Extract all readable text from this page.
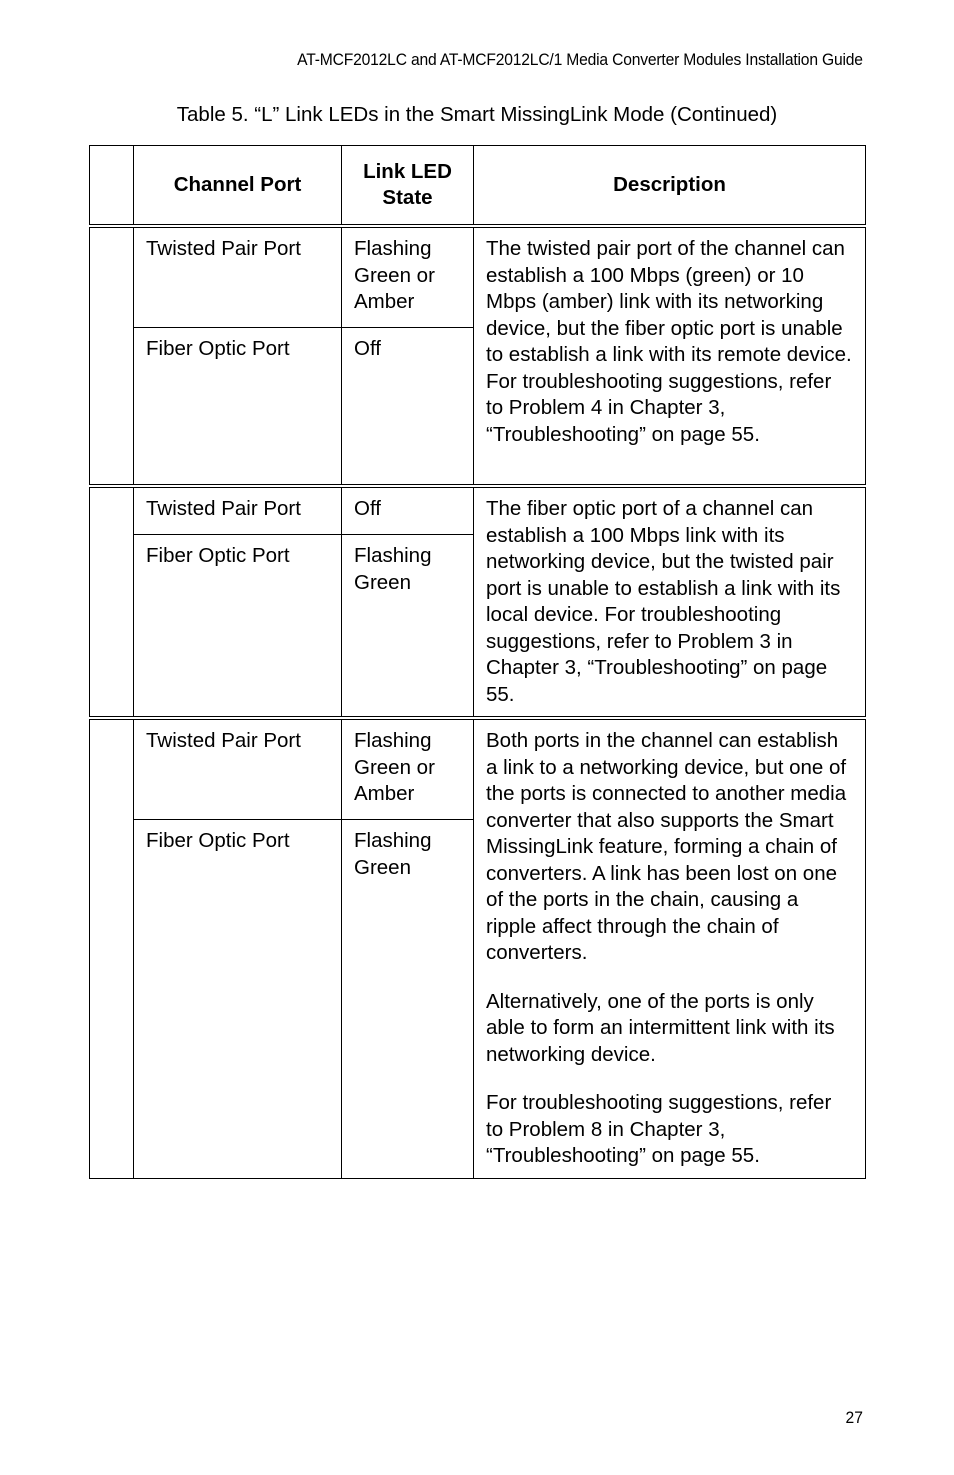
AT-MCF2012LC and AT-MCF2012LC/1 Media Converter Modules Installation Guide
Table 5. “L” Link LEDs in the Smart MissingLink Mode (Continued)
	Channel Port	Link LED State	Description
	Twisted Pair Port	Flashing Green or Amber	The twisted pair port of the channel can establish a 100 Mbps (green) or 10 Mbps (amber) link with its networking device, but the fiber optic port is unable to establish a link with its remote device. For troubleshooting suggestions, refer to Problem 4 in Chapter 3, “Troubleshooting” on page 55.

	Fiber Optic Port	Off	
	Twisted Pair Port	Off	The fiber optic port of a channel can establish a 100 Mbps link with its networking device, but the twisted pair port is unable to establish a link with its local device. For troubleshooting suggestions, refer to Problem 3 in Chapter 3, “Troubleshooting” on page 55.

	Fiber Optic Port	Flashing Green	
	Twisted Pair Port	Flashing Green or Amber	Both ports in the channel can establish a link to a networking device, but one of the ports is connected to another media converter that also supports the Smart MissingLink feature, forming a chain of converters. A link has been lost on one of the ports in the chain, causing a ripple affect through the chain of converters.

Alternatively, one of the ports is only able to form an intermittent link with its networking device.

For troubleshooting suggestions, refer to Problem 8 in Chapter 3, “Troubleshooting” on page 55.

	Fiber Optic Port	Flashing Green	
27
